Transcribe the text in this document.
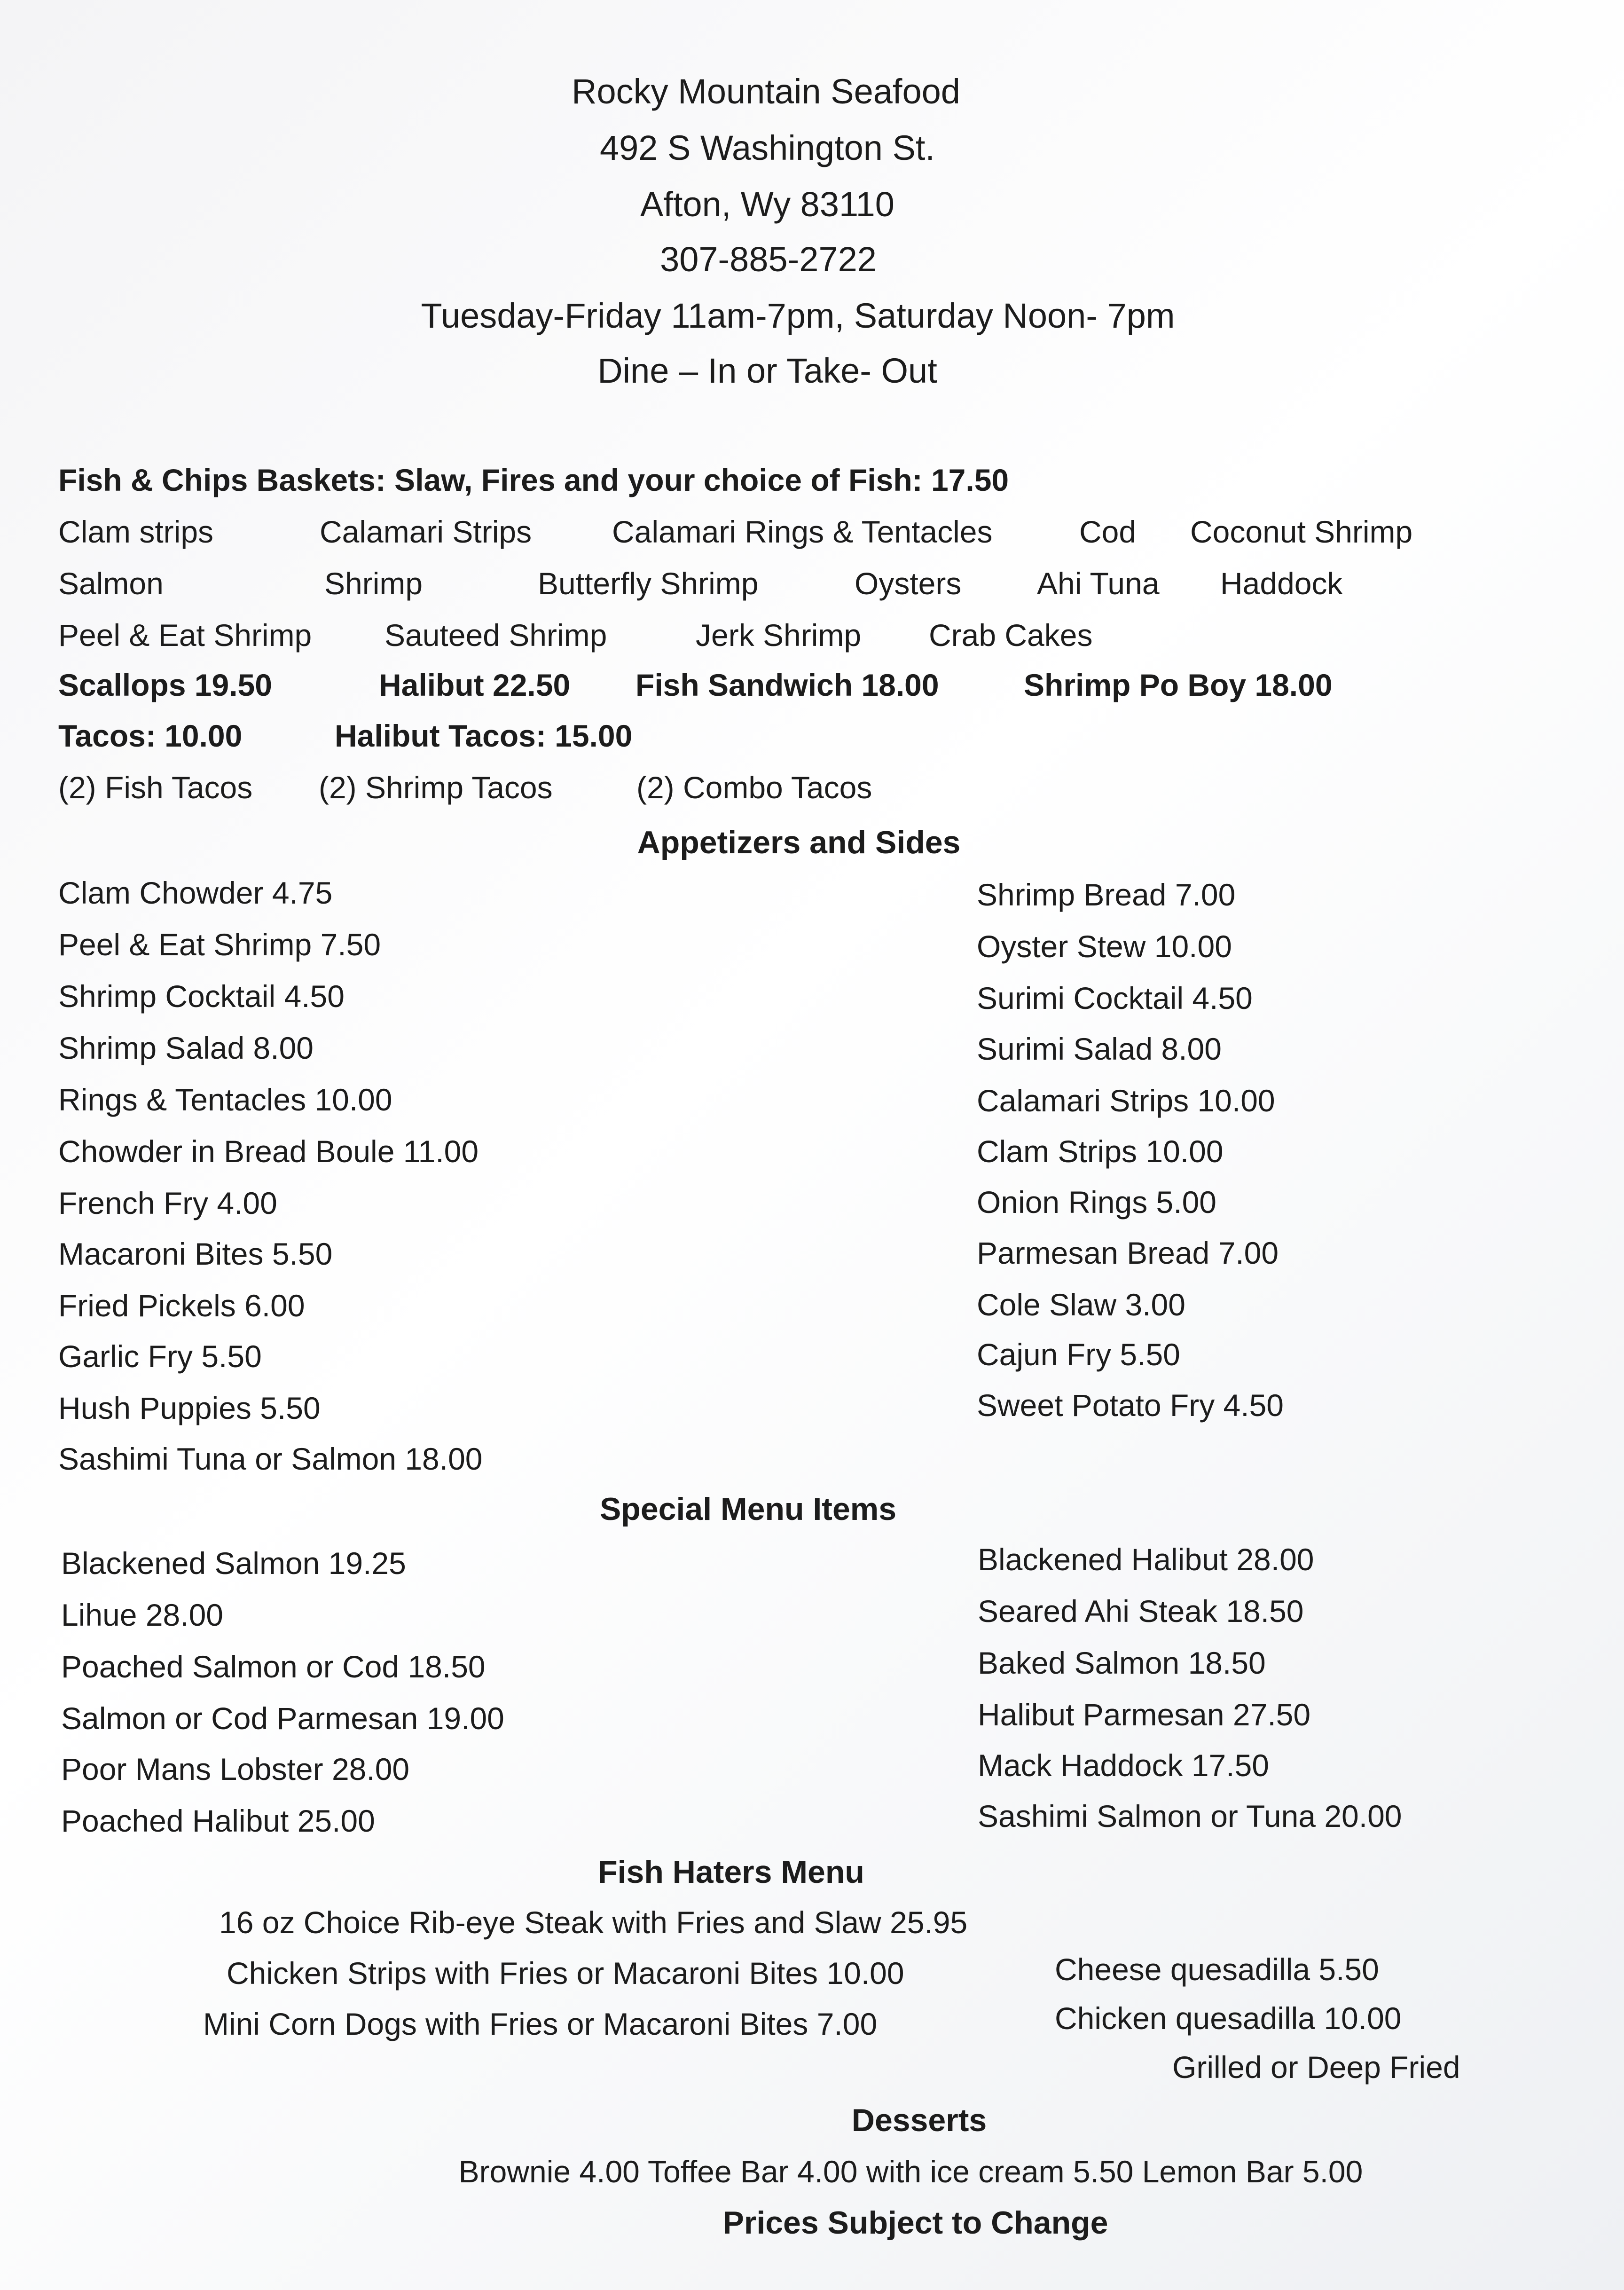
Rocky Mountain Seafood
492 S Washington St.
Afton, Wy 83110
307-885-2722
Tuesday-Friday 11am-7pm, Saturday Noon- 7pm
Dine – In or Take- Out
Fish & Chips Baskets: Slaw, Fires and your choice of Fish: 17.50
Clam strips	Calamari Strips	Calamari Rings & Tentacles	Cod Coconut Shrimp
Salmon	Shrimp	Butterfly Shrimp	Oysters Ahi Tuna Haddock
Peel & Eat Shrimp Sauteed Shrimp	Jerk Shrimp Crab Cakes
Scallops 19.50	Halibut 22.50 Fish Sandwich 18.00	Shrimp Po Boy 18.00
Tacos: 10.00	Halibut Tacos: 15.00
(2) Fish Tacos (2) Shrimp Tacos	(2) Combo Tacos
Appetizers and Sides
Clam Chowder 4.75
Peel & Eat Shrimp 7.50
Shrimp Cocktail 4.50
Shrimp Salad 8.00
Rings & Tentacles 10.00
Chowder in Bread Boule 11.00
French Fry 4.00
Macaroni Bites 5.50
Fried Pickels 6.00
Garlic Fry 5.50
Hush Puppies 5.50
Sashimi Tuna or Salmon 18.00
Shrimp Bread 7.00
Oyster Stew 10.00
Surimi Cocktail 4.50
Surimi Salad 8.00
Calamari Strips 10.00
Clam Strips 10.00
Onion Rings 5.00
Parmesan Bread 7.00
Cole Slaw 3.00
Cajun Fry 5.50
Sweet Potato Fry 4.50
Special Menu Items
Blackened Salmon 19.25
Lihue 28.00
Poached Salmon or Cod 18.50
Salmon or Cod Parmesan 19.00
Poor Mans Lobster 28.00
Poached Halibut 25.00
Blackened Halibut 28.00
Seared Ahi Steak 18.50
Baked Salmon 18.50
Halibut Parmesan 27.50
Mack Haddock 17.50
Sashimi Salmon or Tuna 20.00
Fish Haters Menu
16 oz Choice Rib-eye Steak with Fries and Slaw 25.95
Chicken Strips with Fries or Macaroni Bites 10.00
Mini Corn Dogs with Fries or Macaroni Bites 7.00
Cheese quesadilla 5.50
Chicken quesadilla 10.00
Grilled or Deep Fried
Desserts
Brownie 4.00 Toffee Bar 4.00 with ice cream 5.50 Lemon Bar 5.00
Prices Subject to Change
